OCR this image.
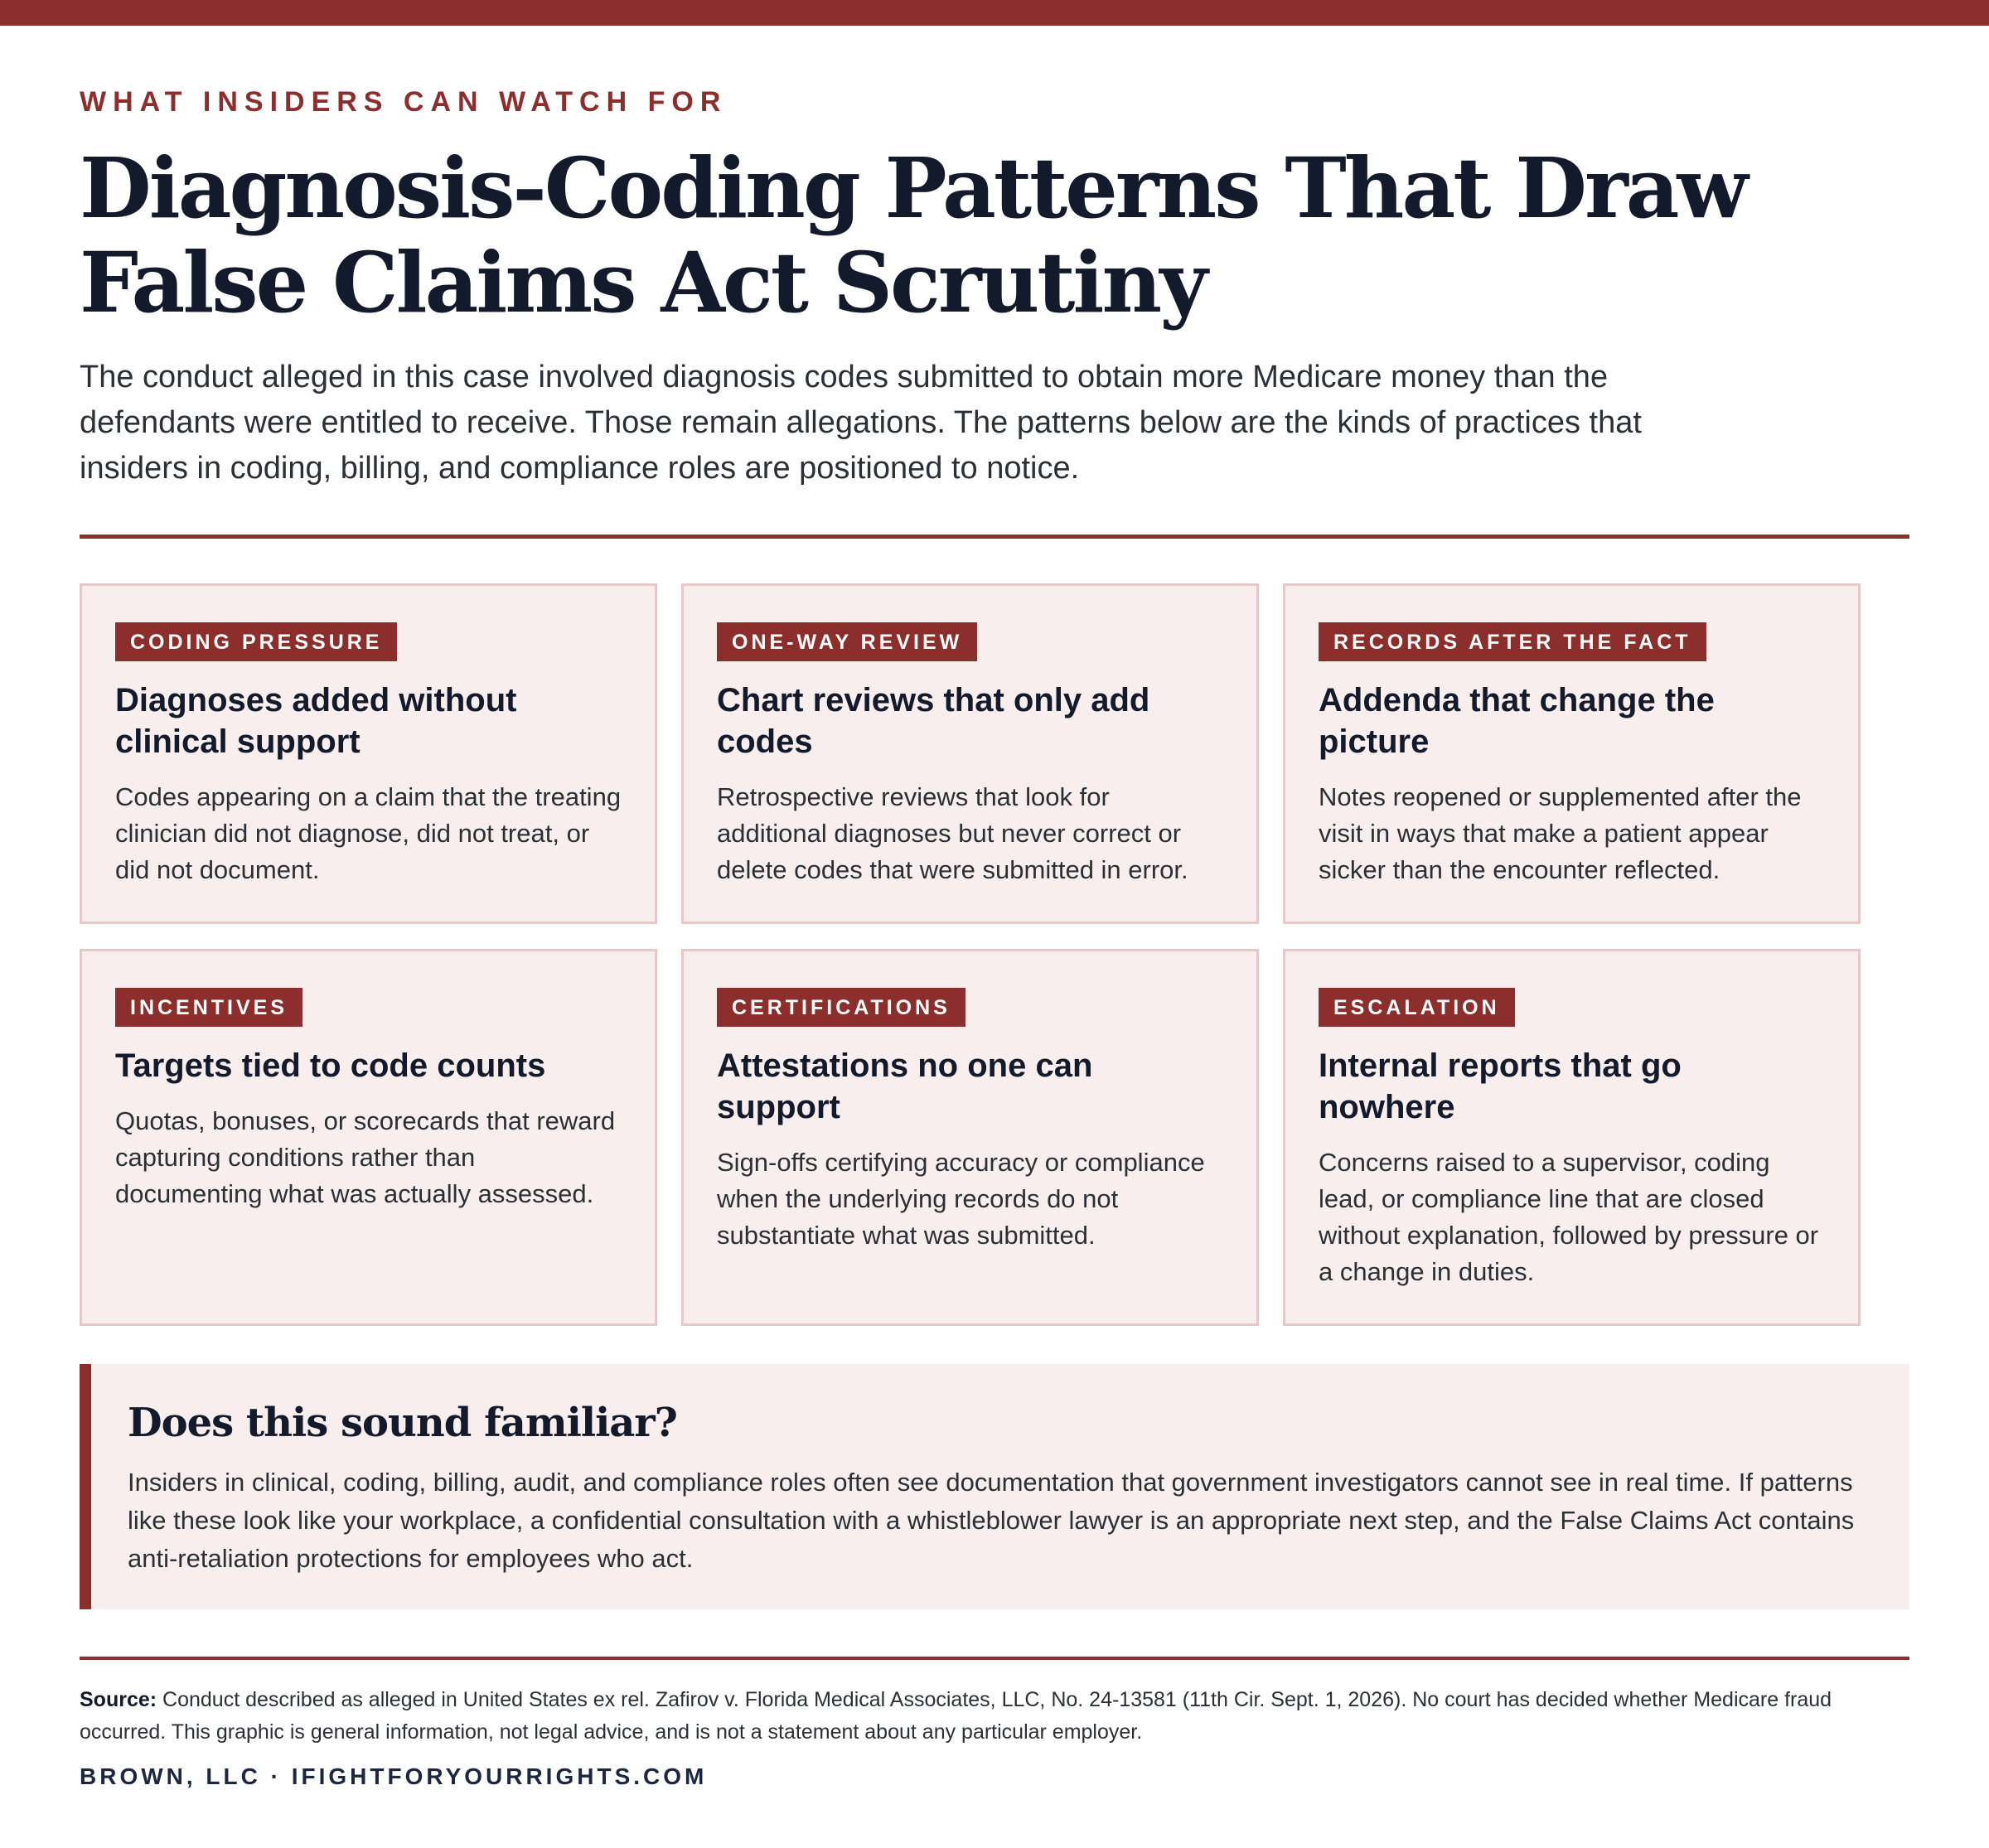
WHAT INSIDERS CAN WATCH FOR
Diagnosis-Coding Patterns That Draw
False Claims Act Scrutiny
The conduct alleged in this case involved diagnosis codes submitted to obtain more Medicare money than the defendants were entitled to receive. Those remain allegations. The patterns below are the kinds of practices that insiders in coding, billing, and compliance roles are positioned to notice.
CODING PRESSURE
Diagnoses added without clinical support
Codes appearing on a claim that the treating clinician did not diagnose, did not treat, or did not document.
ONE-WAY REVIEW
Chart reviews that only add codes
Retrospective reviews that look for additional diagnoses but never correct or delete codes that were submitted in error.
RECORDS AFTER THE FACT
Addenda that change the picture
Notes reopened or supplemented after the visit in ways that make a patient appear sicker than the encounter reflected.
INCENTIVES
Targets tied to code counts
Quotas, bonuses, or scorecards that reward capturing conditions rather than documenting what was actually assessed.
CERTIFICATIONS
Attestations no one can support
Sign-offs certifying accuracy or compliance when the underlying records do not substantiate what was submitted.
ESCALATION
Internal reports that go nowhere
Concerns raised to a supervisor, coding lead, or compliance line that are closed without explanation, followed by pressure or a change in duties.
Does this sound familiar?
Insiders in clinical, coding, billing, audit, and compliance roles often see documentation that government investigators cannot see in real time. If patterns like these look like your workplace, a confidential consultation with a whistleblower lawyer is an appropriate next step, and the False Claims Act contains anti-retaliation protections for employees who act.
Source: Conduct described as alleged in United States ex rel. Zafirov v. Florida Medical Associates, LLC, No. 24-13581 (11th Cir. Sept. 1, 2026). No court has decided whether Medicare fraud occurred. This graphic is general information, not legal advice, and is not a statement about any particular employer.
BROWN, LLC · IFIGHTFORYOURRIGHTS.COM
